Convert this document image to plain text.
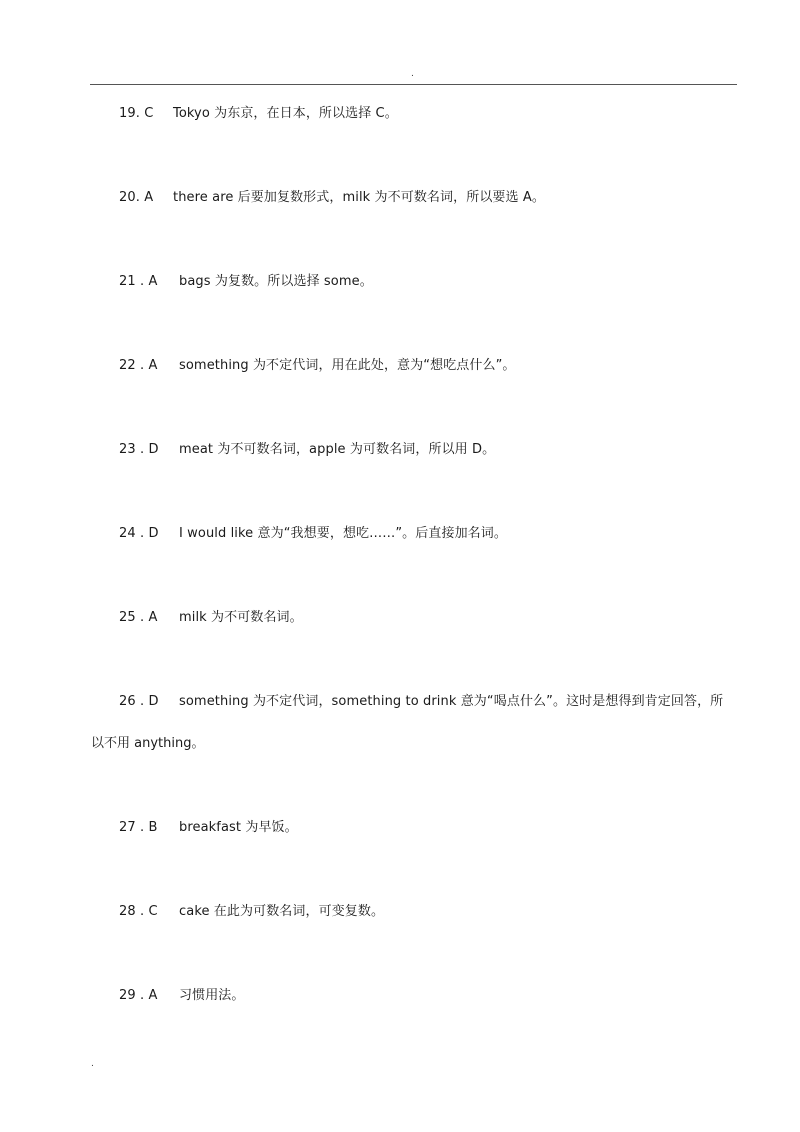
.
19. C Tokyo 为东京，在日本，所以选择 C。
20. A there are 后要加复数形式，milk 为不可数名词，所以要选 A。
21 . A bags 为复数。所以选择 some。
22 . A something 为不定代词，用在此处，意为“想吃点什么”。
23 . D meat 为不可数名词，apple 为可数名词，所以用 D。
24 . D I would like 意为“我想要，想吃……”。后直接加名词。
25 . A milk 为不可数名词。
26 . D something 为不定代词，something to drink 意为“喝点什么”。这时是想得到肯定回答，所
以不用 anything。
27 . B breakfast 为早饭。
28 . C cake 在此为可数名词，可变复数。
29 . A 习惯用法。
.
